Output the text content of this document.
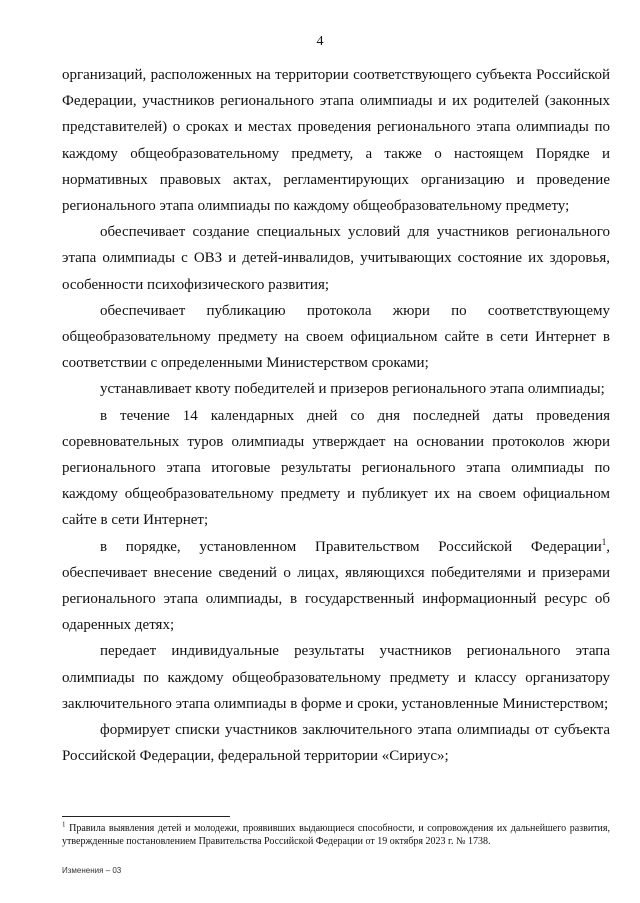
4

организаций, расположенных на территории соответствующего субъекта Российской Федерации, участников регионального этапа олимпиады и их родителей (законных представителей) о сроках и местах проведения регионального этапа олимпиады по каждому общеобразовательному предмету, а также о настоящем Порядке и нормативных правовых актах, регламентирующих организацию и проведение регионального этапа олимпиады по каждому общеобразовательному предмету;

обеспечивает создание специальных условий для участников регионального этапа олимпиады с ОВЗ и детей-инвалидов, учитывающих состояние их здоровья, особенности психофизического развития;

обеспечивает публикацию протокола жюри по соответствующему общеобразовательному предмету на своем официальном сайте в сети Интернет в соответствии с определенными Министерством сроками;

устанавливает квоту победителей и призеров регионального этапа олимпиады;

в течение 14 календарных дней со дня последней даты проведения соревновательных туров олимпиады утверждает на основании протоколов жюри регионального этапа итоговые результаты регионального этапа олимпиады по каждому общеобразовательному предмету и публикует их на своем официальном сайте в сети Интернет;

в порядке, установленном Правительством Российской Федерации$^1$, обеспечивает внесение сведений о лицах, являющихся победителями и призерами регионального этапа олимпиады, в государственный информационный ресурс об одаренных детях;

передает индивидуальные результаты участников регионального этапа олимпиады по каждому общеобразовательному предмету и классу организатору заключительного этапа олимпиады в форме и сроки, установленные Министерством;

формирует списки участников заключительного этапа олимпиады от субъекта Российской Федерации, федеральной территории «Сириус»;

$^1$ Правила выявления детей и молодежи, проявивших выдающиеся способности, и сопровождения их дальнейшего развития, утвержденные постановлением Правительства Российской Федерации от 19 октября 2023 г. № 1738.

Изменения – 03
